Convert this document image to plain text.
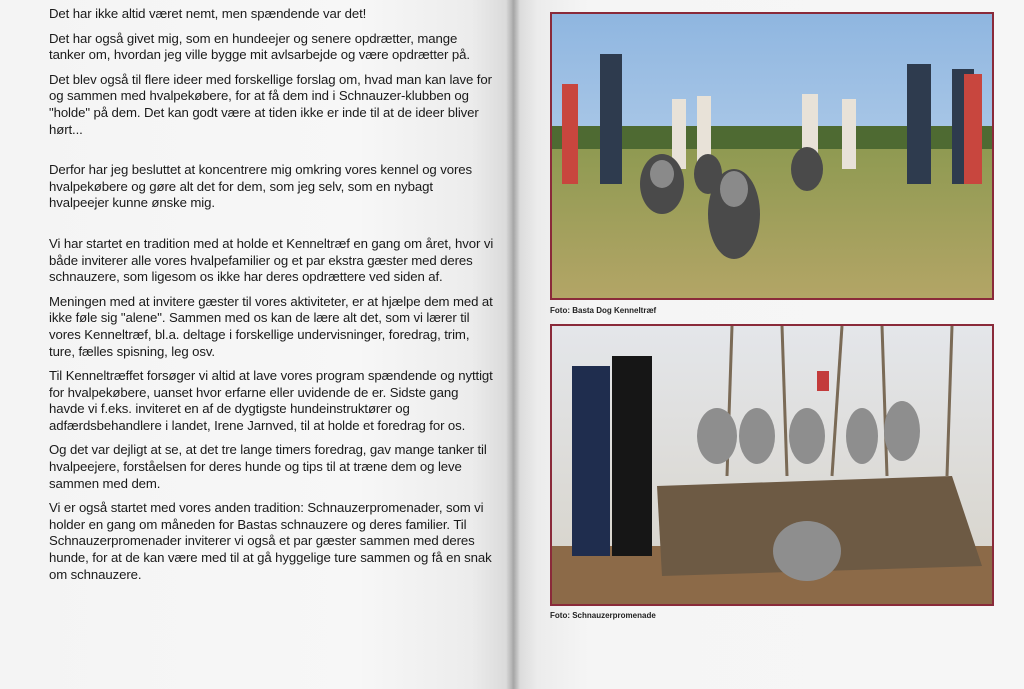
Det har ikke altid været nemt, men spændende var det!

Det har også givet mig, som en hundeejer og senere opdrætter, mange tanker om, hvordan jeg ville bygge mit avlsarbejde og være opdrætter på.

Det blev også til flere ideer med forskellige forslag om, hvad man kan lave for og sammen med hvalpekøbere, for at få dem ind i Schnauzer-klubben og "holde" på dem. Det kan godt være at tiden ikke er inde til at de ideer bliver hørt...

Derfor har jeg besluttet at koncentrere mig omkring vores kennel og vores hvalpekøbere og gøre alt det for dem, som jeg selv, som en nybagt hvalpeejer kunne ønske mig.

Vi har startet en tradition med at holde et Kenneltræf en gang om året, hvor vi både inviterer alle vores hvalpefamilier og et par ekstra gæster med deres schnauzere, som ligesom os ikke har deres opdrættere ved siden af.

Meningen med at invitere gæster til vores aktiviteter, er at hjælpe dem med at ikke føle sig "alene". Sammen med os kan de lære alt det, som vi lærer til vores Kenneltræf, bl.a. deltage i forskellige undervisninger, foredrag, trim, ture, fælles spisning, leg osv.

Til Kenneltræffet forsøger vi altid at lave vores program spændende og nyttigt for hvalpekøbere, uanset hvor erfarne eller uvidende de er. Sidste gang havde vi f.eks. inviteret en af de dygtigste hundeinstruktører og adfærdsbehandlere i landet, Irene Jarnved, til at holde et foredrag for os.

Og det var dejligt at se, at det tre lange timers foredrag, gav mange tanker til hvalpeejere, forståelsen for deres hunde og tips til at træne dem og leve sammen med dem.

Vi er også startet med vores anden tradition: Schnauzerpromenader, som vi holder en gang om måneden for Bastas schnauzere og deres familier. Til Schnauzerpromenader inviterer vi også et par gæster sammen med deres hunde, for at de kan være med til at gå hyggelige ture sammen og få en snak om schnauzere.

Foto: Basta Dog Kenneltræf
Foto: Schnauzerpromenade
